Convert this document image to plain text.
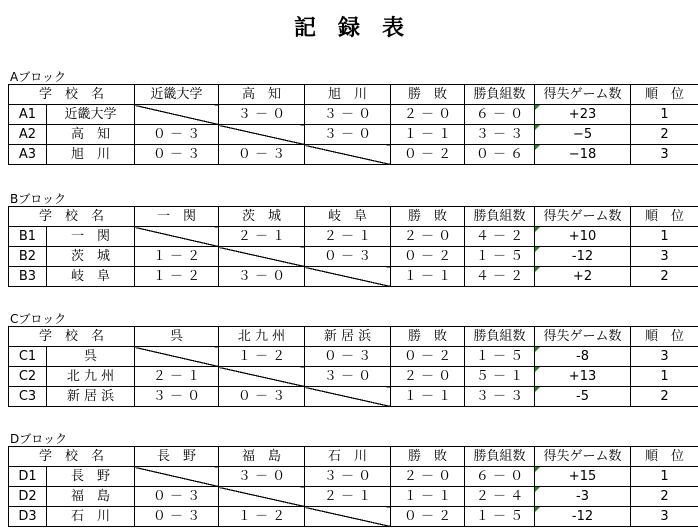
記　録　表
Aブロック
学　校　名		近畿大学	高　知	旭　川	勝　敗	勝負組数	得失ゲーム数	順　位
A1	近畿大学		３ － ０	３ － ０	２ － ０	６ － ０	+23	1
A2	高　知	０ － ３		３ － ０	１ － １	３ － ３	−5	2
A3	旭　川	０ － ３	０ － ３		０ － ２	０ － ６	−18	3
Bブロック
学　校　名		一　関	茨　城	岐　阜	勝　敗	勝負組数	得失ゲーム数	順　位
B1	一　関		２ － １	２ － １	２ － ０	４ － ２	+10	1
B2	茨　城	１ － ２		０ － ３	０ － ２	１ － ５	-12	3
B3	岐　阜	１ － ２	３ － ０		１ － １	４ － ２	+2	2
Cブロック
学　校　名		呉	北 九 州	新 居 浜	勝　敗	勝負組数	得失ゲーム数	順　位
C1	呉		１ － ２	０ － ３	０ － ２	１ － ５	-8	3
C2	北 九 州	２ － １		３ － ０	２ － ０	５ － １	+13	1
C3	新 居 浜	３ － ０	０ － ３		１ － １	３ － ３	-5	2
Dブロック
学　校　名		長　野	福　島	石　川	勝　敗	勝負組数	得失ゲーム数	順　位
D1	長　野		３ － ０	３ － ０	２ － ０	６ － ０	+15	1
D2	福　島	０ － ３		２ － １	１ － １	２ － ４	-3	2
D3	石　川	０ － ３	１ － ２		０ － ２	１ － ５	-12	3
